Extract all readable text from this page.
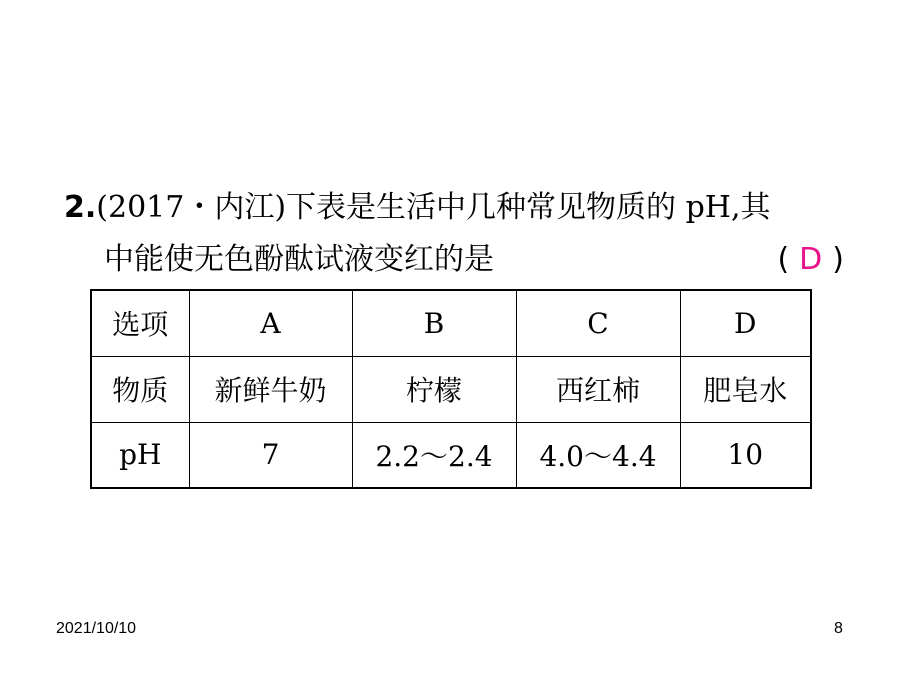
2.(2017・内江)下表是生活中几种常见物质的 pH,其
中能使无色酚酞试液变红的是	( D )
选项	A	B	C	D
物质	新鲜牛奶	柠檬	西红柿	肥皂水
pH	7	2.2～2.4	4.0～4.4	10
2021/10/10	8
